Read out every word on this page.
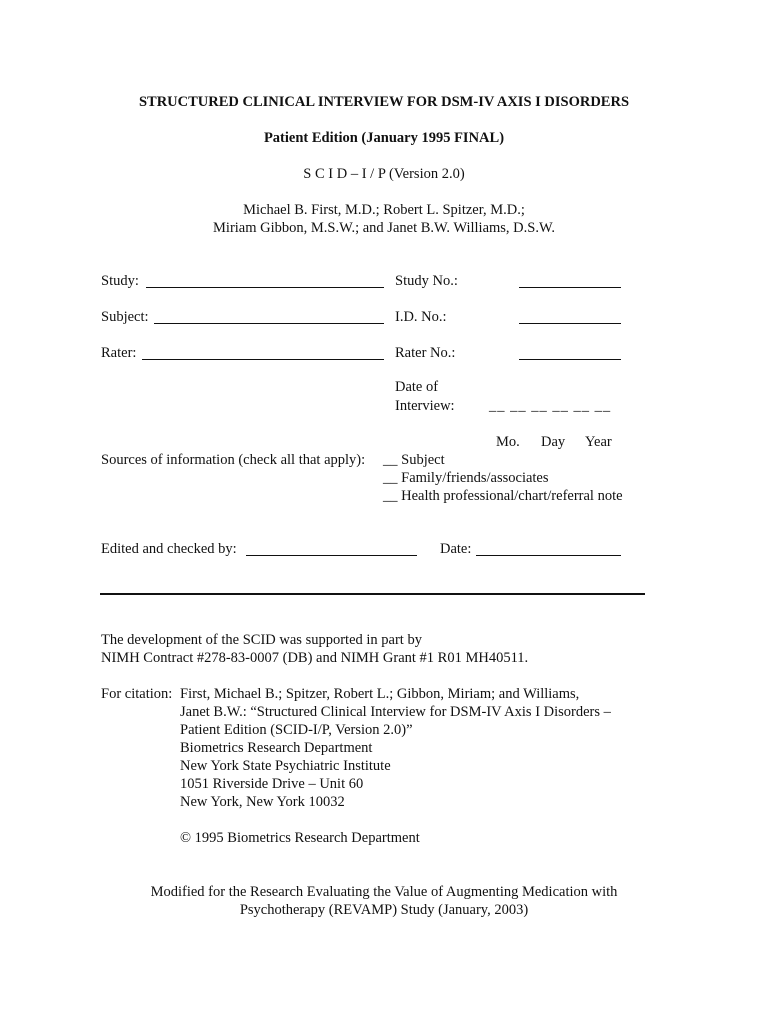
STRUCTURED CLINICAL INTERVIEW FOR DSM-IV AXIS I DISORDERS
Patient Edition (January 1995 FINAL)
S C I D – I / P (Version 2.0)
Michael B. First, M.D.; Robert L. Spitzer, M.D.;
Miriam Gibbon, M.S.W.; and Janet B.W. Williams, D.S.W.
Study:
Subject:
Rater:
Study No.:
I.D. No.:
Rater No.:
Date of
Interview: __ __ __ __ __ __
Mo. Day Year
Sources of information (check all that apply): __ Subject
__ Family/friends/associates
__ Health professional/chart/referral note
Edited and checked by:	Date:
The development of the SCID was supported in part by
NIMH Contract #278-83-0007 (DB) and NIMH Grant #1 R01 MH40511.
For citation: First, Michael B.; Spitzer, Robert L.; Gibbon, Miriam; and Williams,
Janet B.W.: “Structured Clinical Interview for DSM-IV Axis I Disorders –
Patient Edition (SCID-I/P, Version 2.0)”
Biometrics Research Department
New York State Psychiatric Institute
1051 Riverside Drive – Unit 60
New York, New York 10032
© 1995 Biometrics Research Department
Modified for the Research Evaluating the Value of Augmenting Medication with
Psychotherapy (REVAMP) Study (January, 2003)
